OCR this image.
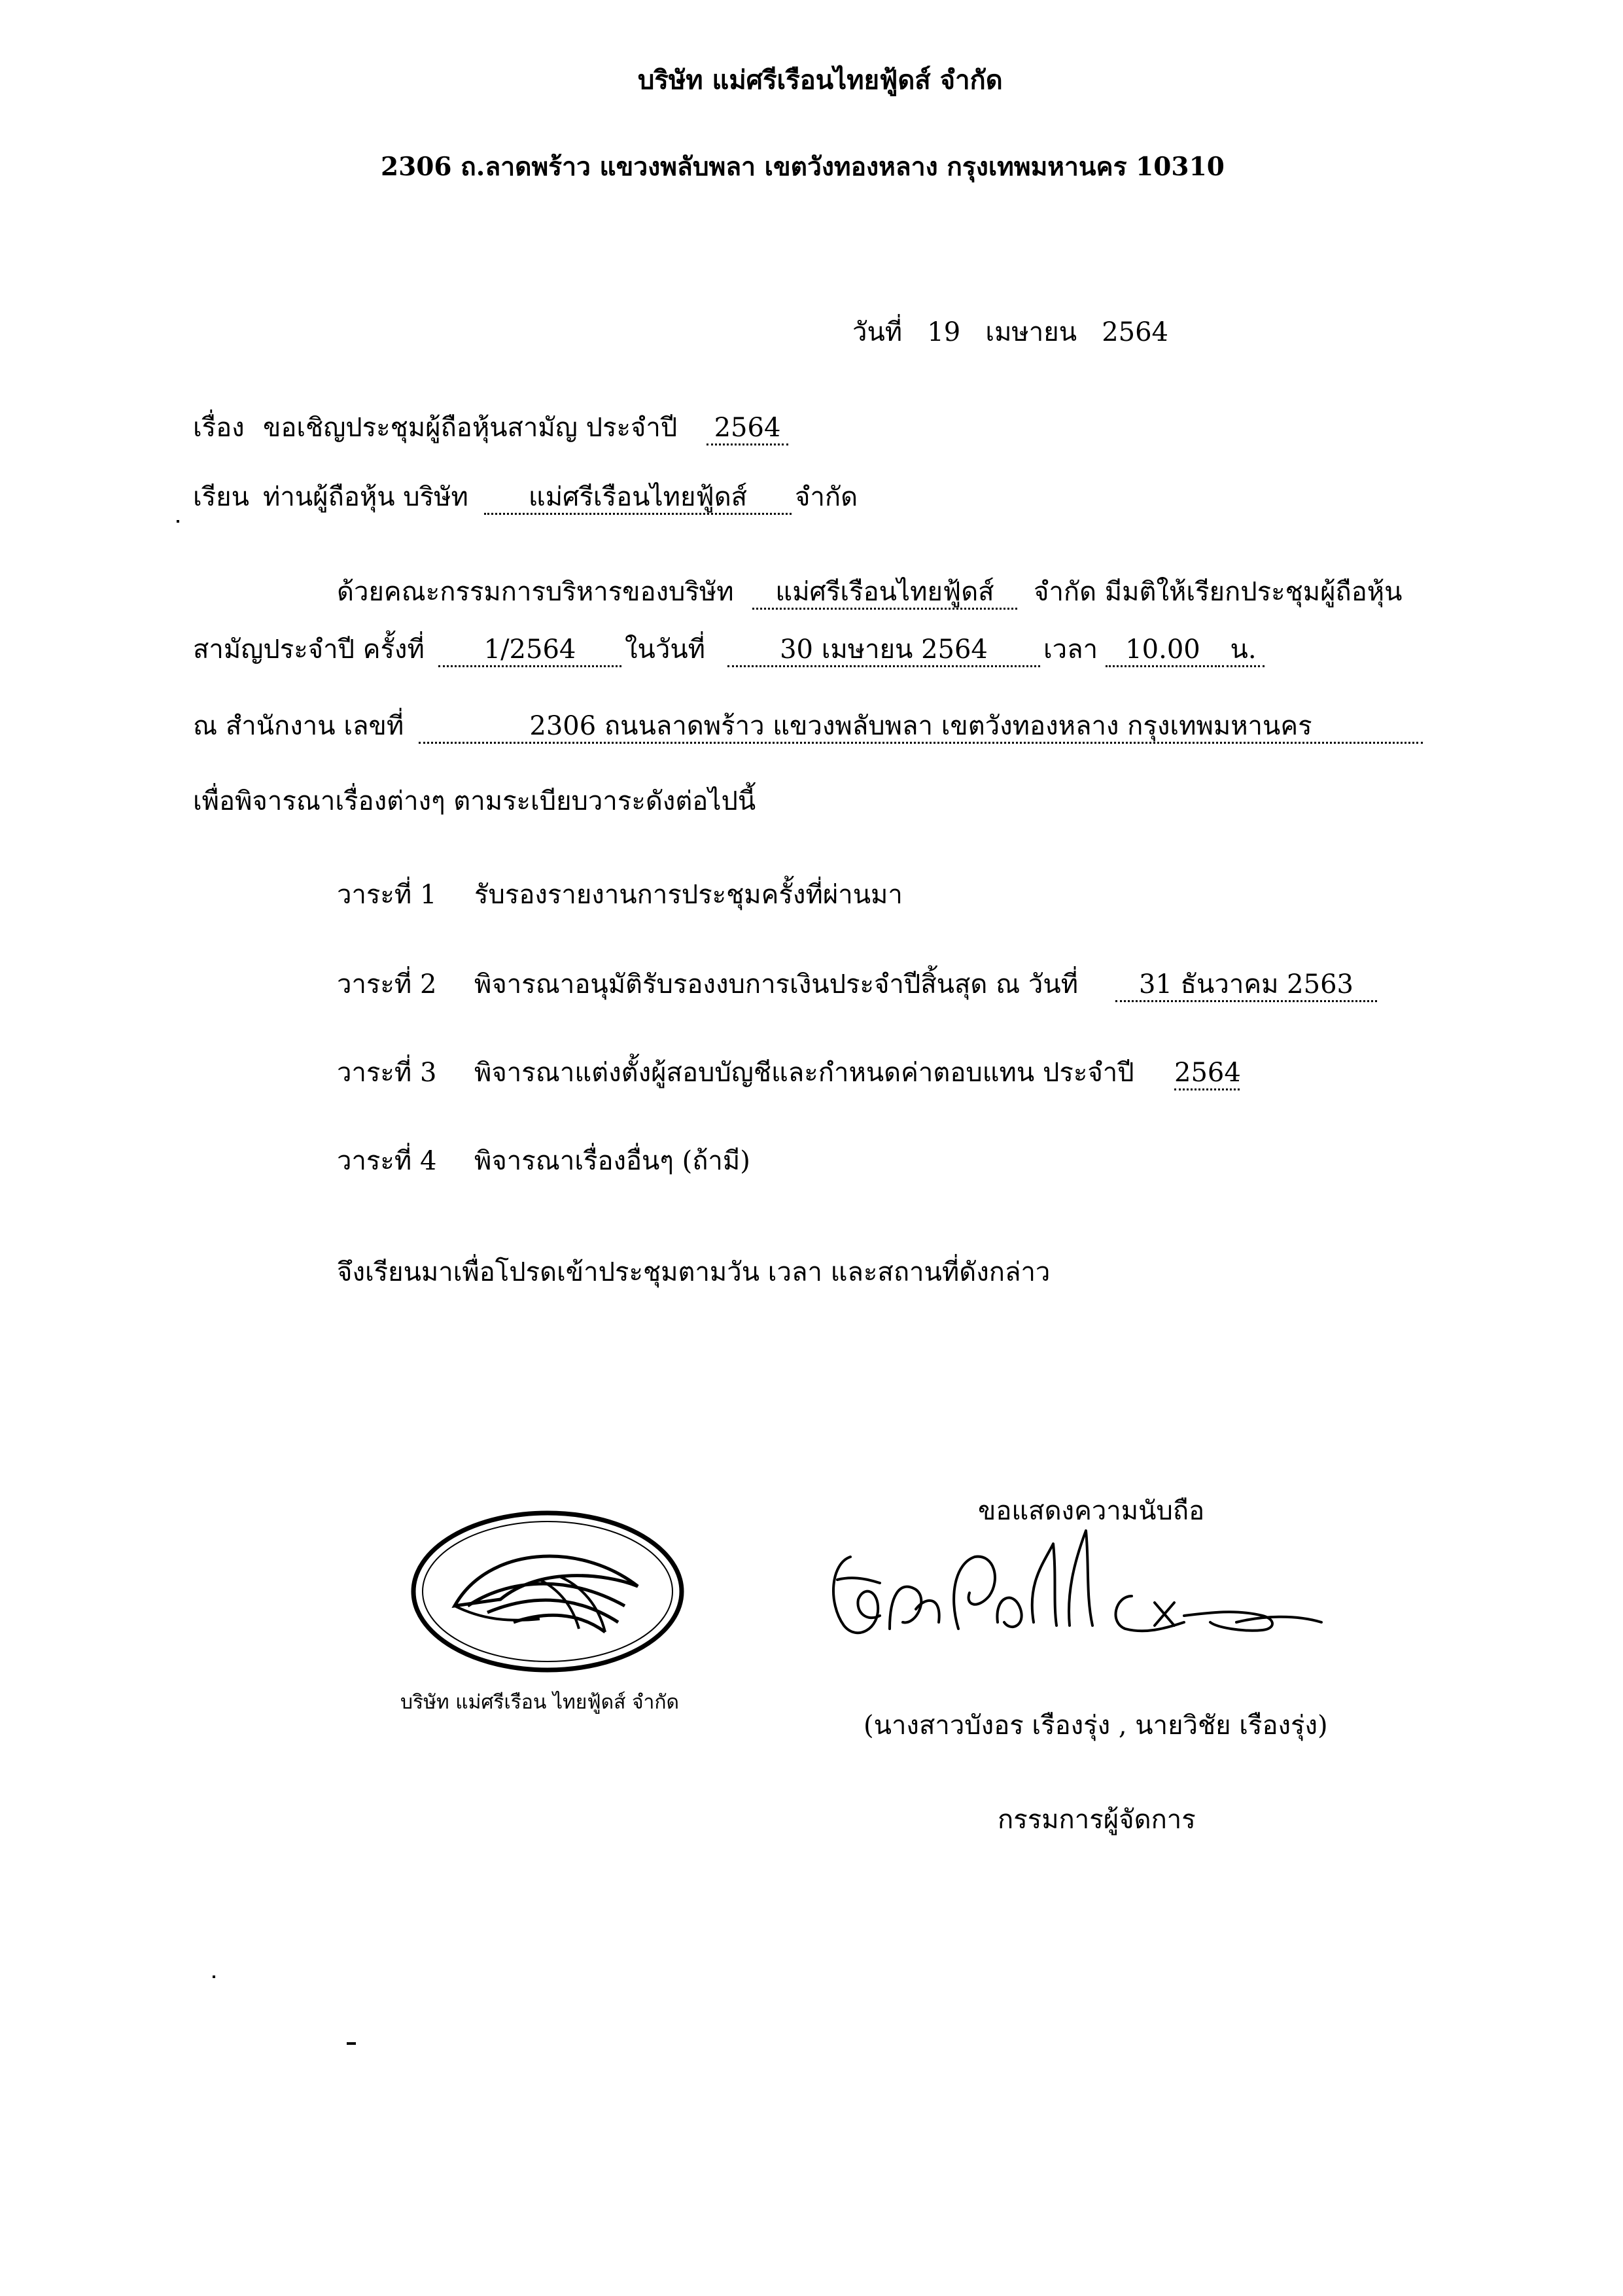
บริษัท แม่ศรีเรือนไทยฟู้ดส์ จำกัด
2306 ถ.ลาดพร้าว แขวงพลับพลา เขตวังทองหลาง กรุงเทพมหานคร 10310
วันที่ 19 เมษายน 2564
เรื่อง ขอเชิญประชุมผู้ถือหุ้นสามัญ ประจำปี 2564
เรียน ท่านผู้ถือหุ้น บริษัท	แม่ศรีเรือนไทยฟู้ดส์	จำกัด
ด้วยคณะกรรมการบริหารของบริษัท	แม่ศรีเรือนไทยฟู้ดส์	จำกัด มีมติให้เรียกประชุมผู้ถือหุ้น
สามัญประจำปี ครั้งที่	1/2564	ในวันที่	30 เมษายน 2564	เวลา	10.00	น.
ณ สำนักงาน เลขที่	2306 ถนนลาดพร้าว แขวงพลับพลา เขตวังทองหลาง กรุงเทพมหานคร
เพื่อพิจารณาเรื่องต่างๆ ตามระเบียบวาระดังต่อไปนี้
วาระที่ 1 รับรองรายงานการประชุมครั้งที่ผ่านมา
วาระที่ 2 พิจารณาอนุมัติรับรองงบการเงินประจำปีสิ้นสุด ณ วันที่	31 ธันวาคม 2563
วาระที่ 3 พิจารณาแต่งตั้งผู้สอบบัญชีและกำหนดค่าตอบแทน ประจำปี 2564
วาระที่ 4 พิจารณาเรื่องอื่นๆ (ถ้ามี)
จึงเรียนมาเพื่อโปรดเข้าประชุมตามวัน เวลา และสถานที่ดังกล่าว
ขอแสดงความนับถือ
บริษัท แม่ศรีเรือน ไทยฟู้ดส์ จำกัด
(นางสาวบังอร เรืองรุ่ง , นายวิชัย เรืองรุ่ง)
กรรมการผู้จัดการ
